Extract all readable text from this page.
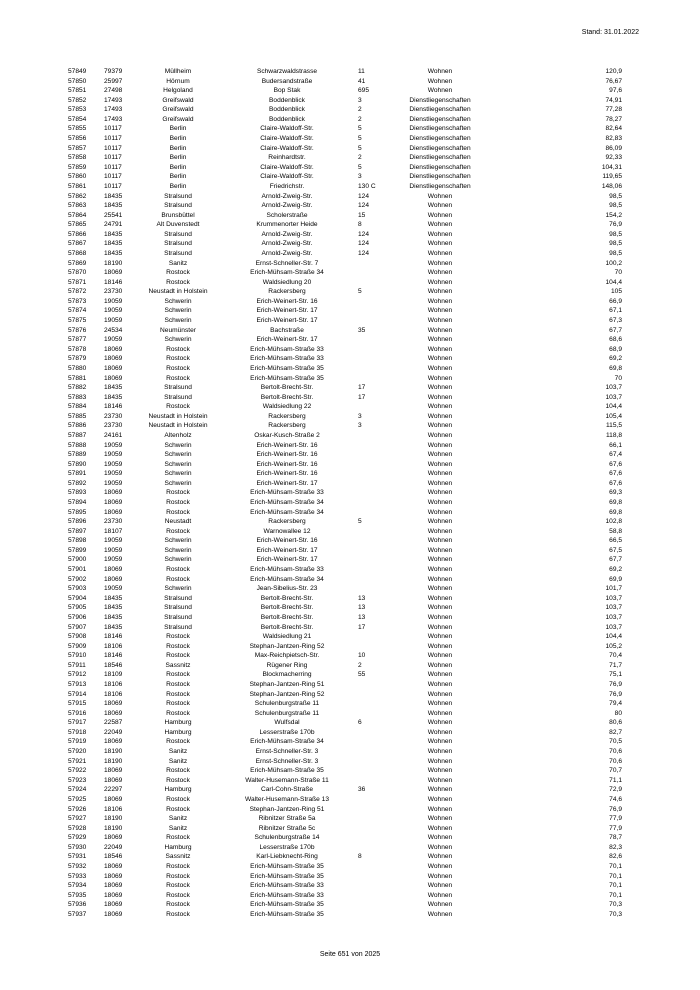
Stand: 31.01.2022
57849	79379	Müllheim	Schwarzwaldstrasse	11	Wohnen	120,9
57850	25997	Hörnum	Budersandstraße	41	Wohnen	76,67
57851	27498	Helgoland	Bop Stak	695	Wohnen	97,6
57852	17493	Greifswald	Boddenblick	3	Dienstliegenschaften	74,91
57853	17493	Greifswald	Boddenblick	2	Dienstliegenschaften	77,28
57854	17493	Greifswald	Boddenblick	2	Dienstliegenschaften	78,27
57855	10117	Berlin	Claire-Waldoff-Str.	5	Dienstliegenschaften	82,64
57856	10117	Berlin	Claire-Waldoff-Str.	5	Dienstliegenschaften	82,83
57857	10117	Berlin	Claire-Waldoff-Str.	5	Dienstliegenschaften	86,09
57858	10117	Berlin	Reinhardtstr.	2	Dienstliegenschaften	92,33
57859	10117	Berlin	Claire-Waldoff-Str.	5	Dienstliegenschaften	104,31
57860	10117	Berlin	Claire-Waldoff-Str.	3	Dienstliegenschaften	119,65
57861	10117	Berlin	Friedrichstr.	130 C	Dienstliegenschaften	148,06
57862	18435	Stralsund	Arnold-Zweig-Str.	124	Wohnen	98,5
57863	18435	Stralsund	Arnold-Zweig-Str.	124	Wohnen	98,5
57864	25541	Brunsbüttel	Scholerstraße	15	Wohnen	154,2
57865	24791	Alt Duvenstedt	Krummenorter Heide	8	Wohnen	76,9
57866	18435	Stralsund	Arnold-Zweig-Str.	124	Wohnen	98,5
57867	18435	Stralsund	Arnold-Zweig-Str.	124	Wohnen	98,5
57868	18435	Stralsund	Arnold-Zweig-Str.	124	Wohnen	98,5
57869	18190	Sanitz	Ernst-Schneller-Str. 7	Wohnen	100,2
57870	18069	Rostock	Erich-Mühsam-Straße 34	Wohnen	70
57871	18146	Rostock	Waldsiedlung 20	Wohnen	104,4
57872	23730	Neustadt in Holstein	Rackersberg	5	Wohnen	105
57873	19059	Schwerin	Erich-Weinert-Str. 16	Wohnen	66,9
57874	19059	Schwerin	Erich-Weinert-Str. 17	Wohnen	67,1
57875	19059	Schwerin	Erich-Weinert-Str. 17	Wohnen	67,3
57876	24534	Neumünster	Bachstraße	35	Wohnen	67,7
57877	19059	Schwerin	Erich-Weinert-Str. 17	Wohnen	68,6
57878	18069	Rostock	Erich-Mühsam-Straße 33	Wohnen	68,9
57879	18069	Rostock	Erich-Mühsam-Straße 33	Wohnen	69,2
57880	18069	Rostock	Erich-Mühsam-Straße 35	Wohnen	69,8
57881	18069	Rostock	Erich-Mühsam-Straße 35	Wohnen	70
57882	18435	Stralsund	Bertolt-Brecht-Str.	17	Wohnen	103,7
57883	18435	Stralsund	Bertolt-Brecht-Str.	17	Wohnen	103,7
57884	18146	Rostock	Waldsiedlung 22	Wohnen	104,4
57885	23730	Neustadt in Holstein	Rackersberg	3	Wohnen	105,4
57886	23730	Neustadt in Holstein	Rackersberg	3	Wohnen	115,5
57887	24161	Altenholz	Oskar-Kusch-Straße 2	Wohnen	118,8
57888	19059	Schwerin	Erich-Weinert-Str. 16	Wohnen	66,1
57889	19059	Schwerin	Erich-Weinert-Str. 16	Wohnen	67,4
57890	19059	Schwerin	Erich-Weinert-Str. 16	Wohnen	67,6
57891	19059	Schwerin	Erich-Weinert-Str. 16	Wohnen	67,6
57892	19059	Schwerin	Erich-Weinert-Str. 17	Wohnen	67,6
57893	18069	Rostock	Erich-Mühsam-Straße 33	Wohnen	69,3
57894	18069	Rostock	Erich-Mühsam-Straße 34	Wohnen	69,8
57895	18069	Rostock	Erich-Mühsam-Straße 34	Wohnen	69,8
57896	23730	Neustadt	Rackersberg	5	Wohnen	102,8
57897	18107	Rostock	Warnowallee 12	Wohnen	58,8
57898	19059	Schwerin	Erich-Weinert-Str. 16	Wohnen	66,5
57899	19059	Schwerin	Erich-Weinert-Str. 17	Wohnen	67,5
57900	19059	Schwerin	Erich-Weinert-Str. 17	Wohnen	67,7
57901	18069	Rostock	Erich-Mühsam-Straße 33	Wohnen	69,2
57902	18069	Rostock	Erich-Mühsam-Straße 34	Wohnen	69,9
57903	19059	Schwerin	Jean-Sibelius-Str. 23	Wohnen	101,7
57904	18435	Stralsund	Bertolt-Brecht-Str.	13	Wohnen	103,7
57905	18435	Stralsund	Bertolt-Brecht-Str.	13	Wohnen	103,7
57906	18435	Stralsund	Bertolt-Brecht-Str.	13	Wohnen	103,7
57907	18435	Stralsund	Bertolt-Brecht-Str.	17	Wohnen	103,7
57908	18146	Rostock	Waldsiedlung 21	Wohnen	104,4
57909	18106	Rostock	Stephan-Jantzen-Ring 52	Wohnen	105,2
57910	18146	Rostock	Max-Reichpietsch-Str.	10	Wohnen	70,4
57911	18546	Sassnitz	Rügener Ring	2	Wohnen	71,7
57912	18109	Rostock	Blockmacherring	55	Wohnen	75,1
57913	18106	Rostock	Stephan-Jantzen-Ring 51	Wohnen	76,9
57914	18106	Rostock	Stephan-Jantzen-Ring 52	Wohnen	76,9
57915	18069	Rostock	Schulenburgstraße 11	Wohnen	79,4
57916	18069	Rostock	Schulenburgstraße 11	Wohnen	80
57917	22587	Hamburg	Wulfsdal	6	Wohnen	80,6
57918	22049	Hamburg	Lesserstraße 170b	Wohnen	82,7
57919	18069	Rostock	Erich-Mühsam-Straße 34	Wohnen	70,5
57920	18190	Sanitz	Ernst-Schneller-Str. 3	Wohnen	70,6
57921	18190	Sanitz	Ernst-Schneller-Str. 3	Wohnen	70,6
57922	18069	Rostock	Erich-Mühsam-Straße 35	Wohnen	70,7
57923	18069	Rostock	Walter-Husemann-Straße 11	Wohnen	71,1
57924	22297	Hamburg	Carl-Cohn-Straße	36	Wohnen	72,9
57925	18069	Rostock	Walter-Husemann-Straße 13	Wohnen	74,6
57926	18106	Rostock	Stephan-Jantzen-Ring 51	Wohnen	76,9
57927	18190	Sanitz	Ribnitzer Straße 5a	Wohnen	77,9
57928	18190	Sanitz	Ribnitzer Straße 5c	Wohnen	77,9
57929	18069	Rostock	Schulenburgstraße 14	Wohnen	78,7
57930	22049	Hamburg	Lesserstraße 170b	Wohnen	82,3
57931	18546	Sassnitz	Karl-Liebknecht-Ring	8	Wohnen	82,6
57932	18069	Rostock	Erich-Mühsam-Straße 35	Wohnen	70,1
57933	18069	Rostock	Erich-Mühsam-Straße 35	Wohnen	70,1
57934	18069	Rostock	Erich-Mühsam-Straße 33	Wohnen	70,1
57935	18069	Rostock	Erich-Mühsam-Straße 33	Wohnen	70,1
57936	18069	Rostock	Erich-Mühsam-Straße 35	Wohnen	70,3
57937	18069	Rostock	Erich-Mühsam-Straße 35	Wohnen	70,3
Seite 651 von 2025
